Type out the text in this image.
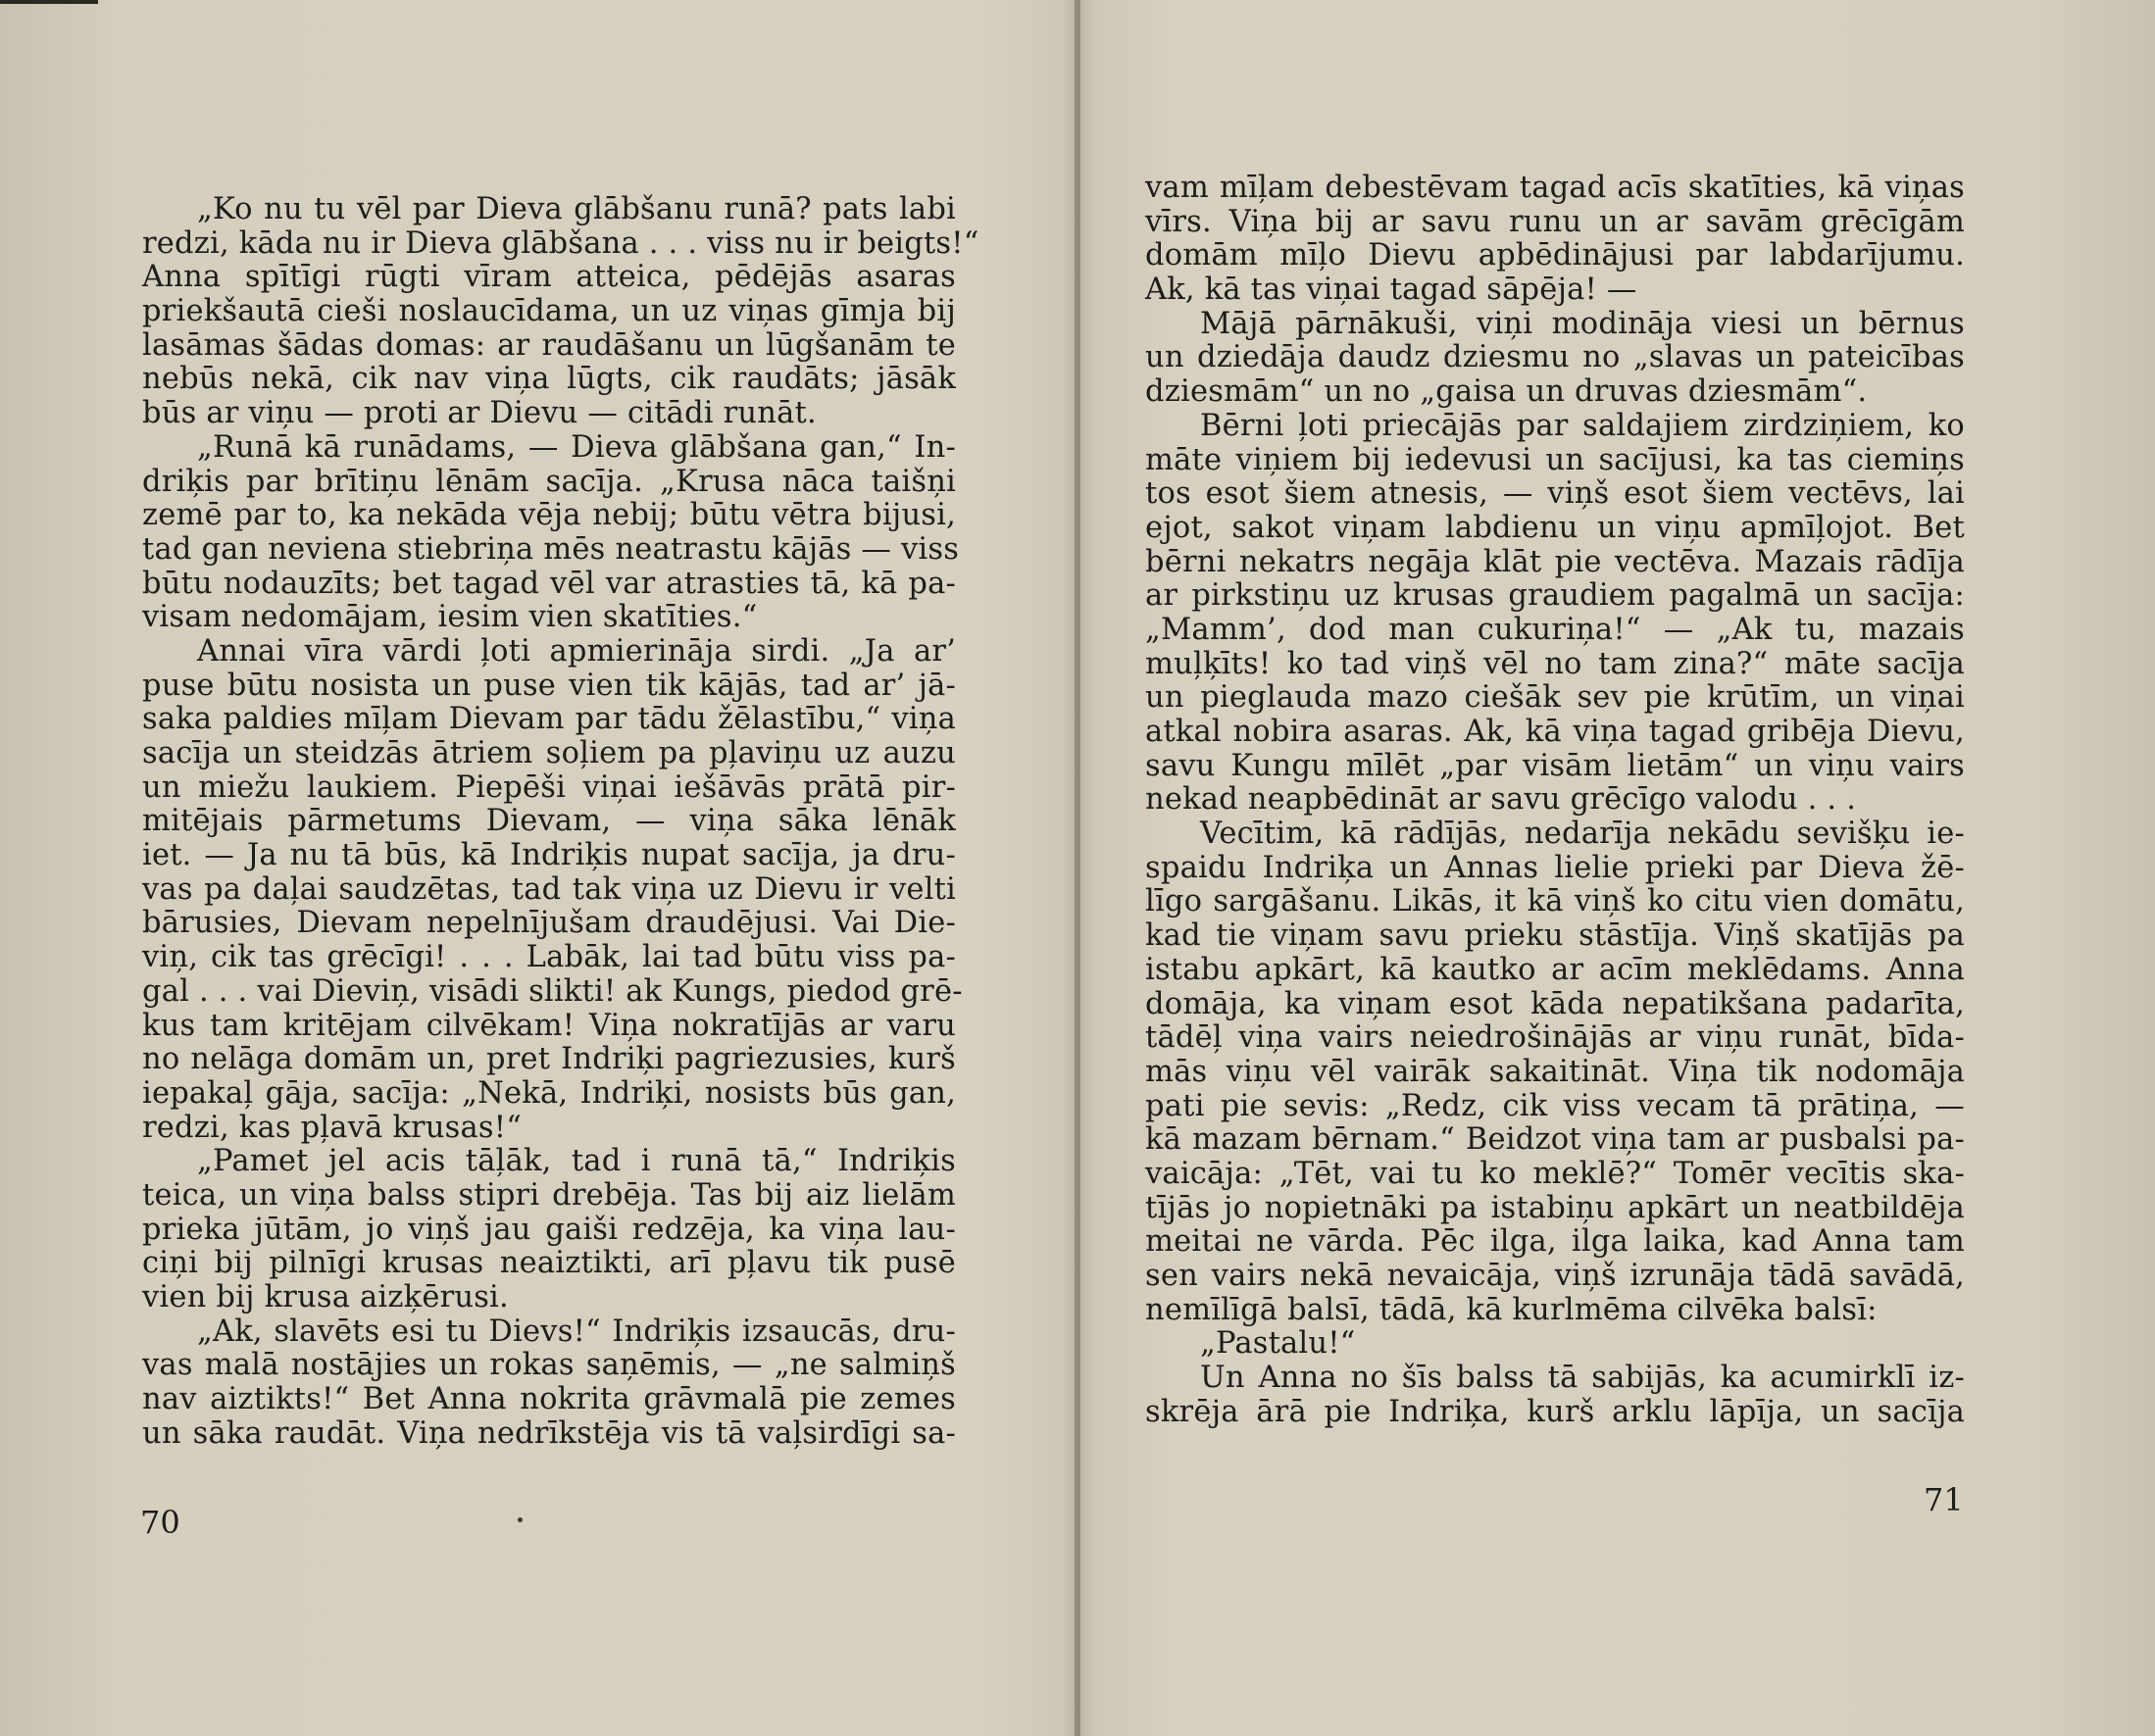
„Ko nu tu vēl par Dieva glābšanu runā? pats labi
redzi, kāda nu ir Dieva glābšana . . . viss nu ir beigts!“
Anna spītīgi rūgti vīram atteica, pēdējās asaras
priekšautā cieši noslaucīdama, un uz viņas gīmja bij
lasāmas šādas domas: ar raudāšanu un lūgšanām te
nebūs nekā, cik nav viņa lūgts, cik raudāts; jāsāk
būs ar viņu — proti ar Dievu — citādi runāt.
„Runā kā runādams, — Dieva glābšana gan,“ In-
driķis par brītiņu lēnām sacīja. „Krusa nāca taišņi
zemē par to, ka nekāda vēja nebij; būtu vētra bijusi,
tad gan neviena stiebriņa mēs neatrastu kājās — viss
būtu nodauzīts; bet tagad vēl var atrasties tā, kā pa-
visam nedomājam, iesim vien skatīties.“
Annai vīra vārdi ļoti apmierināja sirdi. „Ja ar’
puse būtu nosista un puse vien tik kājās, tad ar’ jā-
saka paldies mīļam Dievam par tādu žēlastību,“ viņa
sacīja un steidzās ātriem soļiem pa pļaviņu uz auzu
un miežu laukiem. Piepēši viņai iešāvās prātā pir-
mitējais pārmetums Dievam, — viņa sāka lēnāk
iet. — Ja nu tā būs, kā Indriķis nupat sacīja, ja dru-
vas pa daļai saudzētas, tad tak viņa uz Dievu ir velti
bārusies, Dievam nepelnījušam draudējusi. Vai Die-
viņ, cik tas grēcīgi! . . . Labāk, lai tad būtu viss pa-
gal . . . vai Dieviņ, visādi slikti! ak Kungs, piedod grē-
kus tam kritējam cilvēkam! Viņa nokratījās ar varu
no nelāga domām un, pret Indriķi pagriezusies, kurš
iepakaļ gāja, sacīja: „Nekā, Indriķi, nosists būs gan,
redzi, kas pļavā krusas!“
„Pamet jel acis tāļāk, tad i runā tā,“ Indriķis
teica, un viņa balss stipri drebēja. Tas bij aiz lielām
prieka jūtām, jo viņš jau gaiši redzēja, ka viņa lau-
ciņi bij pilnīgi krusas neaiztikti, arī pļavu tik pusē
vien bij krusa aizķērusi.
„Ak, slavēts esi tu Dievs!“ Indriķis izsaucās, dru-
vas malā nostājies un rokas saņēmis, — „ne salmiņš
nav aiztikts!“ Bet Anna nokrita grāvmalā pie zemes
un sāka raudāt. Viņa nedrīkstēja vis tā vaļsirdīgi sa-
70
vam mīļam debestēvam tagad acīs skatīties, kā viņas
vīrs. Viņa bij ar savu runu un ar savām grēcīgām
domām mīļo Dievu apbēdinājusi par labdarījumu.
Ak, kā tas viņai tagad sāpēja! —
Mājā pārnākuši, viņi modināja viesi un bērnus
un dziedāja daudz dziesmu no „slavas un pateicības
dziesmām“ un no „gaisa un druvas dziesmām“.
Bērni ļoti priecājās par saldajiem zirdziņiem, ko
māte viņiem bij iedevusi un sacījusi, ka tas ciemiņs
tos esot šiem atnesis, — viņš esot šiem vectēvs, lai
ejot, sakot viņam labdienu un viņu apmīļojot. Bet
bērni nekatrs negāja klāt pie vectēva. Mazais rādīja
ar pirkstiņu uz krusas graudiem pagalmā un sacīja:
„Mamm’, dod man cukuriņa!“ — „Ak tu, mazais
muļķīts! ko tad viņš vēl no tam zina?“ māte sacīja
un pieglauda mazo ciešāk sev pie krūtīm, un viņai
atkal nobira asaras. Ak, kā viņa tagad gribēja Dievu,
savu Kungu mīlēt „par visām lietām“ un viņu vairs
nekad neapbēdināt ar savu grēcīgo valodu . . .
Vecītim, kā rādījās, nedarīja nekādu sevišķu ie-
spaidu Indriķa un Annas lielie prieki par Dieva žē-
līgo sargāšanu. Likās, it kā viņš ko citu vien domātu,
kad tie viņam savu prieku stāstīja. Viņš skatījās pa
istabu apkārt, kā kautko ar acīm meklēdams. Anna
domāja, ka viņam esot kāda nepatikšana padarīta,
tādēļ viņa vairs neiedrošinājās ar viņu runāt, bīda-
mās viņu vēl vairāk sakaitināt. Viņa tik nodomāja
pati pie sevis: „Redz, cik viss vecam tā prātiņa, —
kā mazam bērnam.“ Beidzot viņa tam ar pusbalsi pa-
vaicāja: „Tēt, vai tu ko meklē?“ Tomēr vecītis ska-
tījās jo nopietnāki pa istabiņu apkārt un neatbildēja
meitai ne vārda. Pēc ilga, ilga laika, kad Anna tam
sen vairs nekā nevaicāja, viņš izrunāja tādā savādā,
nemīlīgā balsī, tādā, kā kurlmēma cilvēka balsī:
„Pastalu!“
Un Anna no šīs balss tā sabijās, ka acumirklī iz-
skrēja ārā pie Indriķa, kurš arklu lāpīja, un sacīja
71
